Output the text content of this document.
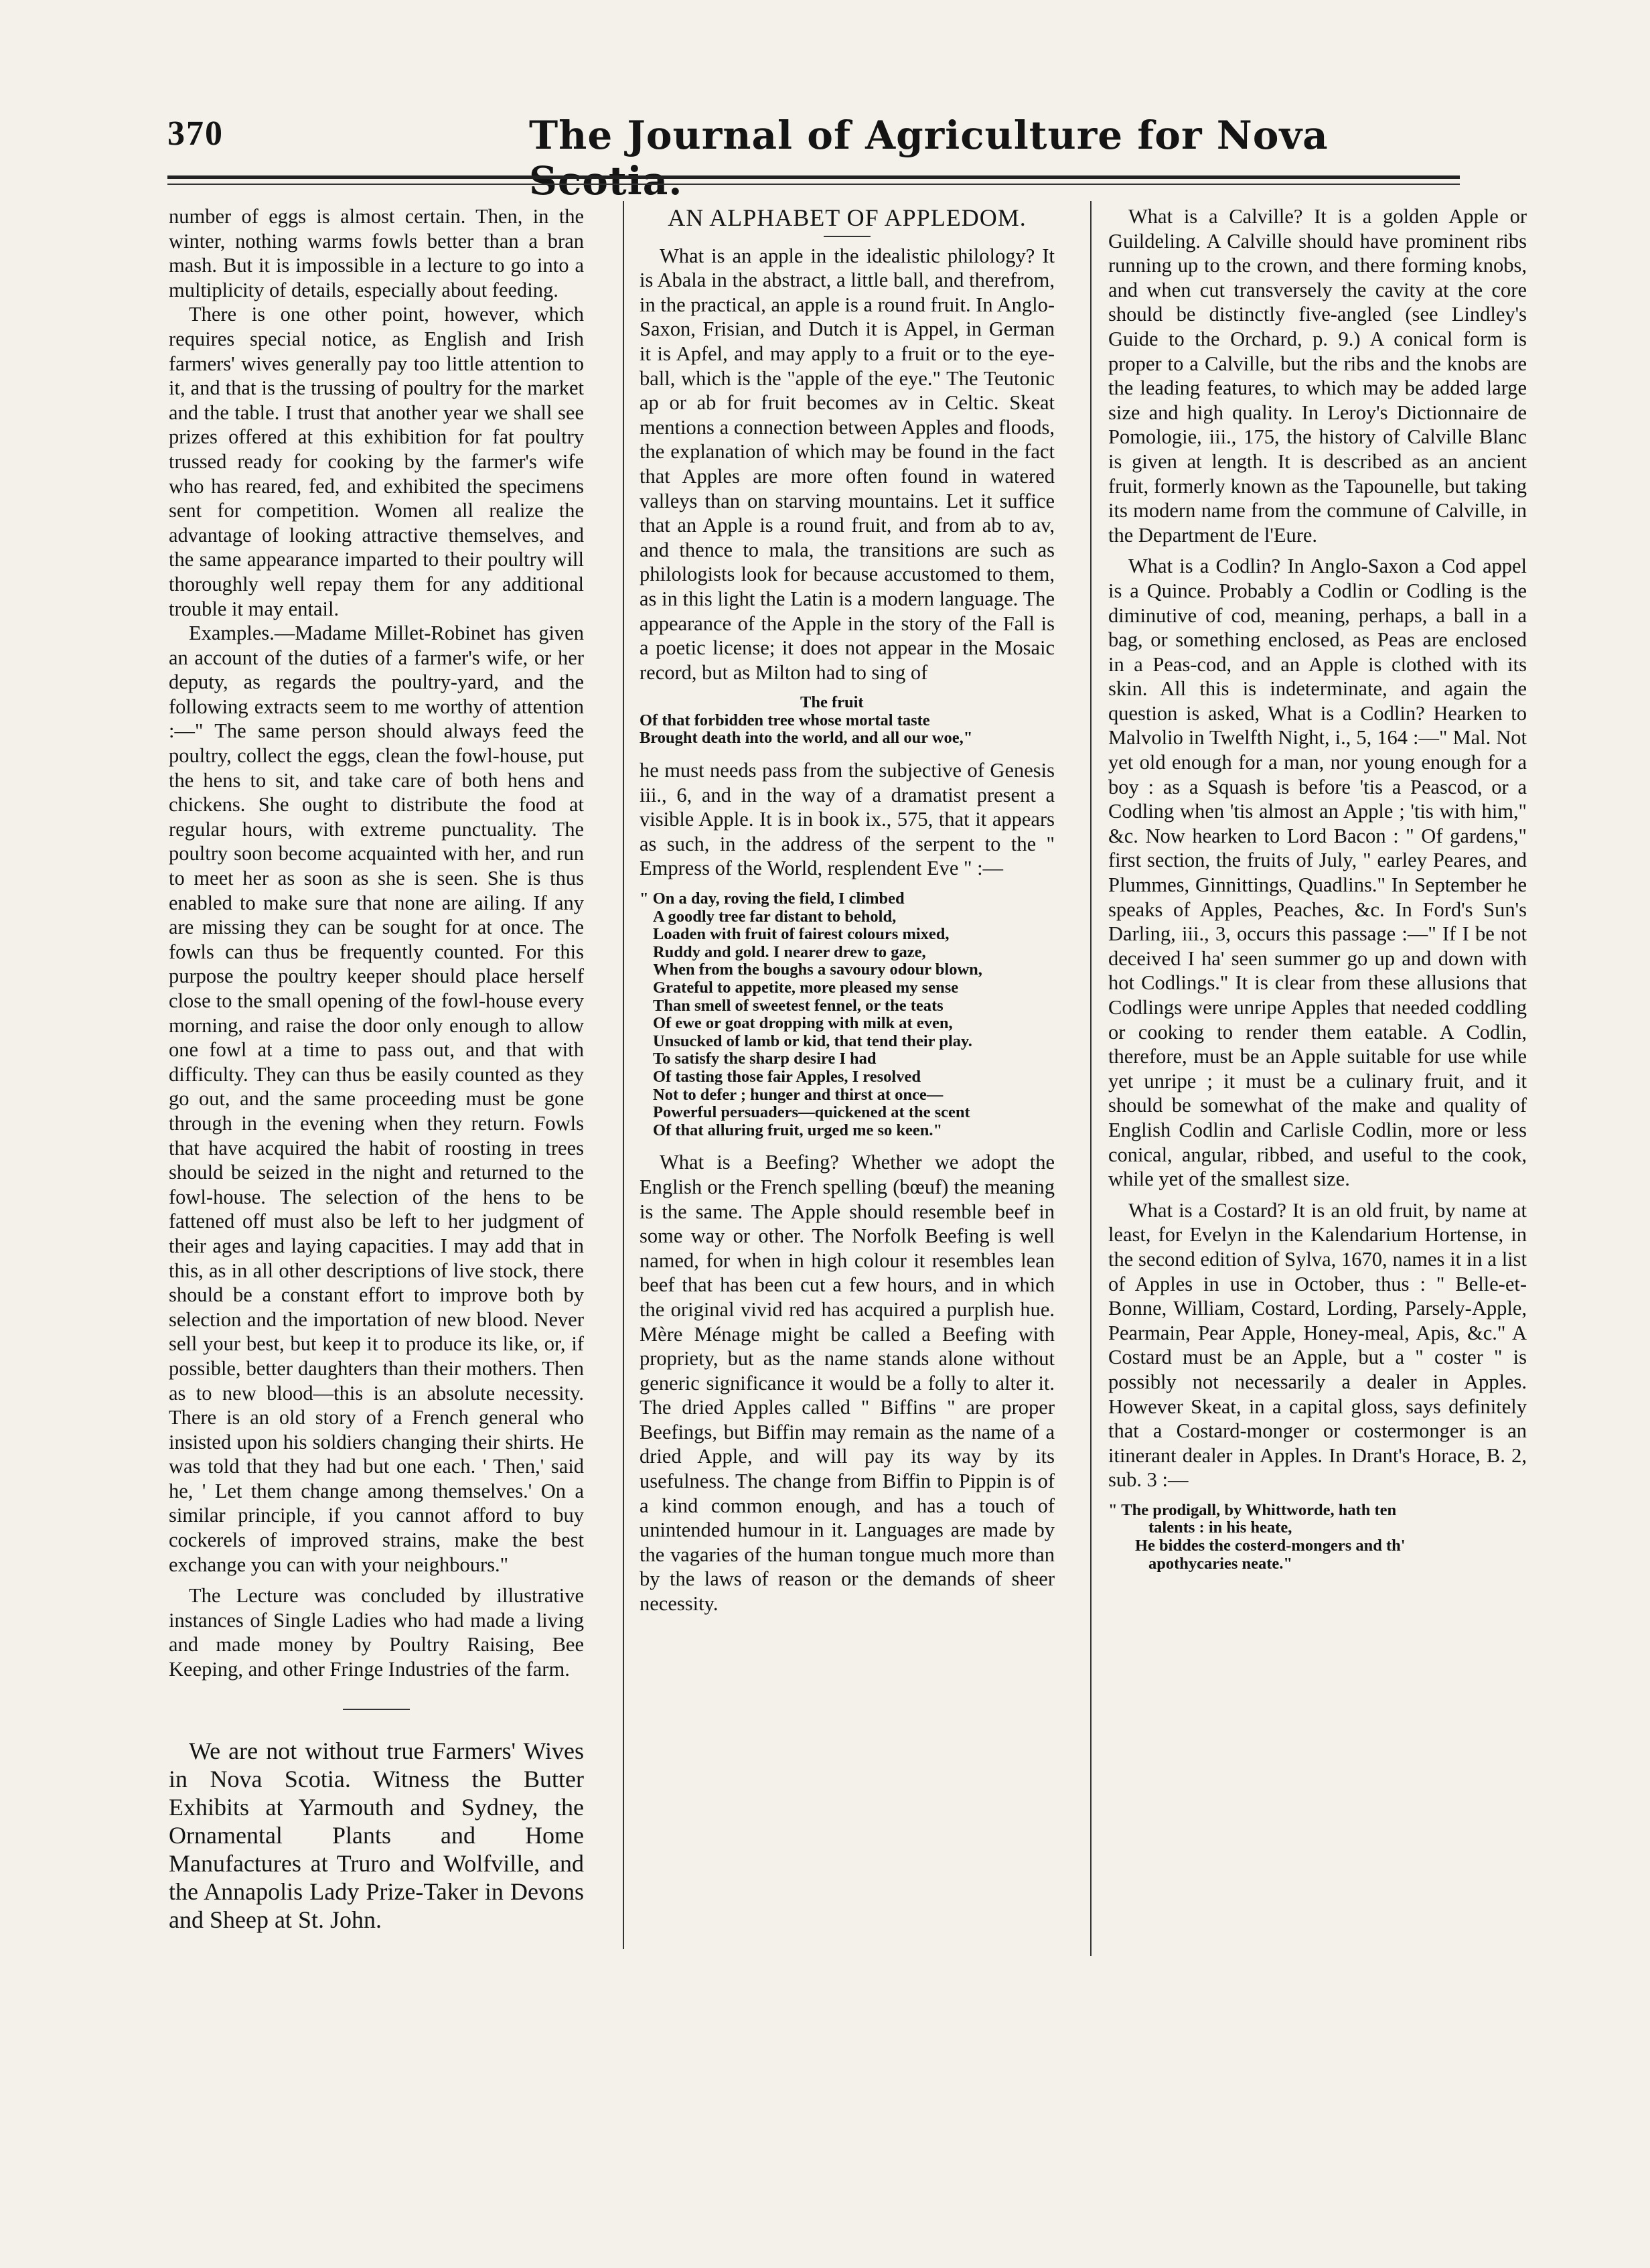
370	The Journal of Agriculture for Nova Scotia.

number of eggs is almost certain. Then, in the winter, nothing warms fowls better than a bran mash. But it is impossible in a lecture to go into a multiplicity of details, especially about feeding.

There is one other point, however, which requires special notice, as English and Irish farmers' wives generally pay too little attention to it, and that is the trussing of poultry for the market and the table. I trust that another year we shall see prizes offered at this exhibition for fat poultry trussed ready for cooking by the farmer's wife who has reared, fed, and exhibited the specimens sent for competition. Women all realize the advantage of looking attractive themselves, and the same appearance imparted to their poultry will thoroughly well repay them for any additional trouble it may entail.

Examples.—Madame Millet-Robinet has given an account of the duties of a farmer's wife, or her deputy, as regards the poultry-yard, and the following extracts seem to me worthy of attention :—" The same person should always feed the poultry, collect the eggs, clean the fowl-house, put the hens to sit, and take care of both hens and chickens. She ought to distribute the food at regular hours, with extreme punctuality. The poultry soon become acquainted with her, and run to meet her as soon as she is seen. She is thus enabled to make sure that none are ailing. If any are missing they can be sought for at once. The fowls can thus be frequently counted. For this purpose the poultry keeper should place herself close to the small opening of the fowl-house every morning, and raise the door only enough to allow one fowl at a time to pass out, and that with difficulty. They can thus be easily counted as they go out, and the same proceeding must be gone through in the evening when they return. Fowls that have acquired the habit of roosting in trees should be seized in the night and returned to the fowl-house. The selection of the hens to be fattened off must also be left to her judgment of their ages and laying capacities. I may add that in this, as in all other descriptions of live stock, there should be a constant effort to improve both by selection and the importation of new blood. Never sell your best, but keep it to produce its like, or, if possible, better daughters than their mothers. Then as to new blood—this is an absolute necessity. There is an old story of a French general who insisted upon his soldiers changing their shirts. He was told that they had but one each. ' Then,' said he, ' Let them change among themselves.' On a similar principle, if you cannot afford to buy cockerels of improved strains, make the best exchange you can with your neighbours."

The Lecture was concluded by illustrative instances of Single Ladies who had made a living and made money by Poultry Raising, Bee Keeping, and other Fringe Industries of the farm.

We are not without true Farmers' Wives in Nova Scotia. Witness the Butter Exhibits at Yarmouth and Sydney, the Ornamental Plants and Home Manufactures at Truro and Wolfville, and the Annapolis Lady Prize-Taker in Devons and Sheep at St. John.

AN ALPHABET OF APPLEDOM.

What is an apple in the idealistic philology? It is Abala in the abstract, a little ball, and therefrom, in the practical, an apple is a round fruit. In Anglo-Saxon, Frisian, and Dutch it is Appel, in German it is Apfel, and may apply to a fruit or to the eye-ball, which is the "apple of the eye." The Teutonic ap or ab for fruit becomes av in Celtic. Skeat mentions a connection between Apples and floods, the explanation of which may be found in the fact that Apples are more often found in watered valleys than on starving mountains. Let it suffice that an Apple is a round fruit, and from ab to av, and thence to mala, the transitions are such as philologists look for because accustomed to them, as in this light the Latin is a modern language. The appearance of the Apple in the story of the Fall is a poetic license; it does not appear in the Mosaic record, but as Milton had to sing of

The fruit
Of that forbidden tree whose mortal taste
Brought death into the world, and all our woe,"

he must needs pass from the subjective of Genesis iii., 6, and in the way of a dramatist present a visible Apple. It is in book ix., 575, that it appears as such, in the address of the serpent to the " Empress of the World, resplendent Eve " :—

" On a day, roving the field, I climbed
A goodly tree far distant to behold,
Loaden with fruit of fairest colours mixed,
Ruddy and gold. I nearer drew to gaze,
When from the boughs a savoury odour blown,
Grateful to appetite, more pleased my sense
Than smell of sweetest fennel, or the teats
Of ewe or goat dropping with milk at even,
Unsucked of lamb or kid, that tend their play.
To satisfy the sharp desire I had
Of tasting those fair Apples, I resolved
Not to defer ; hunger and thirst at once—
Powerful persuaders—quickened at the scent
Of that alluring fruit, urged me so keen."

What is a Beefing? Whether we adopt the English or the French spelling (bœuf) the meaning is the same. The Apple should resemble beef in some way or other. The Norfolk Beefing is well named, for when in high colour it resembles lean beef that has been cut a few hours, and in which the original vivid red has acquired a purplish hue. Mère Ménage might be called a Beefing with propriety, but as the name stands alone without generic significance it would be a folly to alter it. The dried Apples called " Biffins " are proper Beefings, but Biffin may remain as the name of a dried Apple, and will pay its way by its usefulness. The change from Biffin to Pippin is of a kind common enough, and has a touch of unintended humour in it. Languages are made by the vagaries of the human tongue much more than by the laws of reason or the demands of sheer necessity.

What is a Calville? It is a golden Apple or Guildeling. A Calville should have prominent ribs running up to the crown, and there forming knobs, and when cut transversely the cavity at the core should be distinctly five-angled (see Lindley's Guide to the Orchard, p. 9.) A conical form is proper to a Calville, but the ribs and the knobs are the leading features, to which may be added large size and high quality. In Leroy's Dictionnaire de Pomologie, iii., 175, the history of Calville Blanc is given at length. It is described as an ancient fruit, formerly known as the Tapounelle, but taking its modern name from the commune of Calville, in the Department de l'Eure.

What is a Codlin? In Anglo-Saxon a Cod appel is a Quince. Probably a Codlin or Codling is the diminutive of cod, meaning, perhaps, a ball in a bag, or something enclosed, as Peas are enclosed in a Peas-cod, and an Apple is clothed with its skin. All this is indeterminate, and again the question is asked, What is a Codlin? Hearken to Malvolio in Twelfth Night, i., 5, 164 :—" Mal. Not yet old enough for a man, nor young enough for a boy : as a Squash is before 'tis a Peascod, or a Codling when 'tis almost an Apple ; 'tis with him," &c. Now hearken to Lord Bacon : " Of gardens," first section, the fruits of July, " earley Peares, and Plummes, Ginnittings, Quadlins." In September he speaks of Apples, Peaches, &c. In Ford's Sun's Darling, iii., 3, occurs this passage :—" If I be not deceived I ha' seen summer go up and down with hot Codlings." It is clear from these allusions that Codlings were unripe Apples that needed coddling or cooking to render them eatable. A Codlin, therefore, must be an Apple suitable for use while yet unripe ; it must be a culinary fruit, and it should be somewhat of the make and quality of English Codlin and Carlisle Codlin, more or less conical, angular, ribbed, and useful to the cook, while yet of the smallest size.

What is a Costard? It is an old fruit, by name at least, for Evelyn in the Kalendarium Hortense, in the second edition of Sylva, 1670, names it in a list of Apples in use in October, thus : " Belle-et-Bonne, William, Costard, Lording, Parsely-Apple, Pearmain, Pear Apple, Honey-meal, Apis, &c." A Costard must be an Apple, but a " coster " is possibly not necessarily a dealer in Apples. However Skeat, in a capital gloss, says definitely that a Costard-monger or costermonger is an itinerant dealer in Apples. In Drant's Horace, B. 2, sub. 3 :—

" The prodigall, by Whittworde, hath ten
talents : in his heate,
He biddes the costerd-mongers and th'
apothycaries neate."
